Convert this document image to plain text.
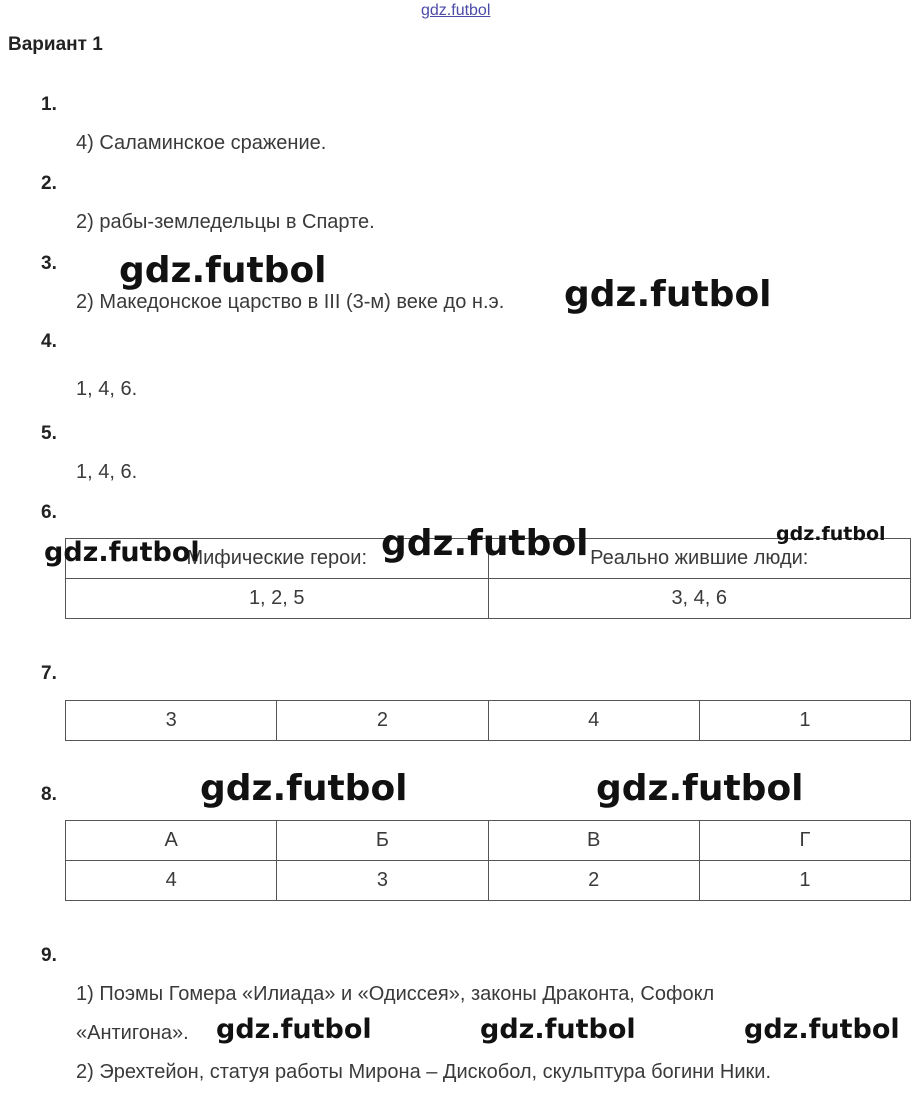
gdz.futbol
Вариант 1
1.
4) Саламинское сражение.
2.
2) рабы-земледельцы в Спарте.
3.
2) Македонское царство в III (3-м) веке до н.э.
4.
1, 4, 6.
5.
1, 4, 6.
6.
Мифические герои:	Реально жившие люди:
1, 2, 5	3, 4, 6
7.
3	2	4	1
8.
А	Б	В	Г
4	3	2	1
9.
1) Поэмы Гомера «Илиада» и «Одиссея», законы Драконта, Софокл
«Антигона».
2) Эрехтейон, статуя работы Мирона – Дискобол, скульптура богини Ники.
gdz.futbol
gdz.futbol
gdz.futbol
gdz.futbol
gdz.futbol
gdz.futbol	gdz.futbol
gdz.futbol	gdz.futbol	gdz.futbol
